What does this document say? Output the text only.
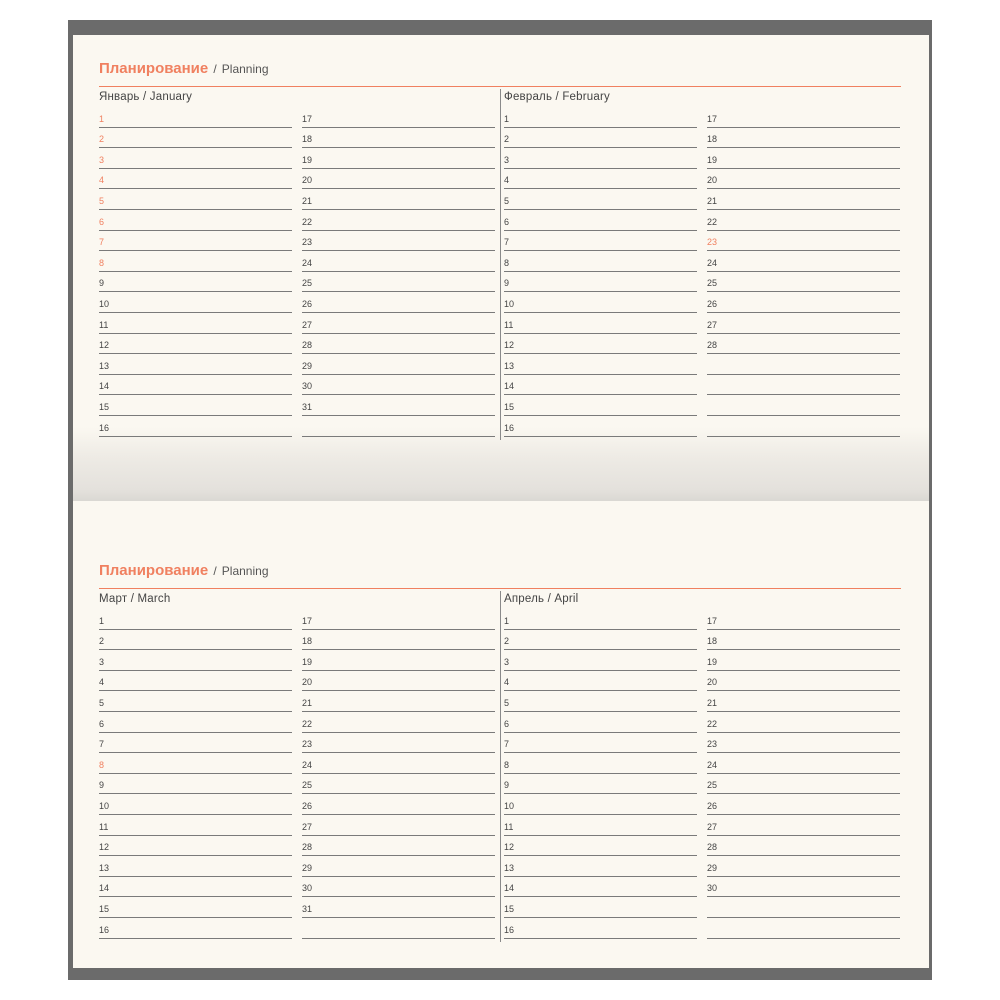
Планирование / Planning
Январь / January
1
2
3
4
5
6
7
8
9
10
11
12
13
14
15
16
17
18
19
20
21
22
23
24
25
26
27
28
29
30
31
Февраль / February
1
2
3
4
5
6
7
8
9
10
11
12
13
14
15
16
17
18
19
20
21
22
23
24
25
26
27
28
Планирование / Planning
Март / March
1
2
3
4
5
6
7
8
9
10
11
12
13
14
15
16
17
18
19
20
21
22
23
24
25
26
27
28
29
30
31
Апрель / April
1
2
3
4
5
6
7
8
9
10
11
12
13
14
15
16
17
18
19
20
21
22
23
24
25
26
27
28
29
30
